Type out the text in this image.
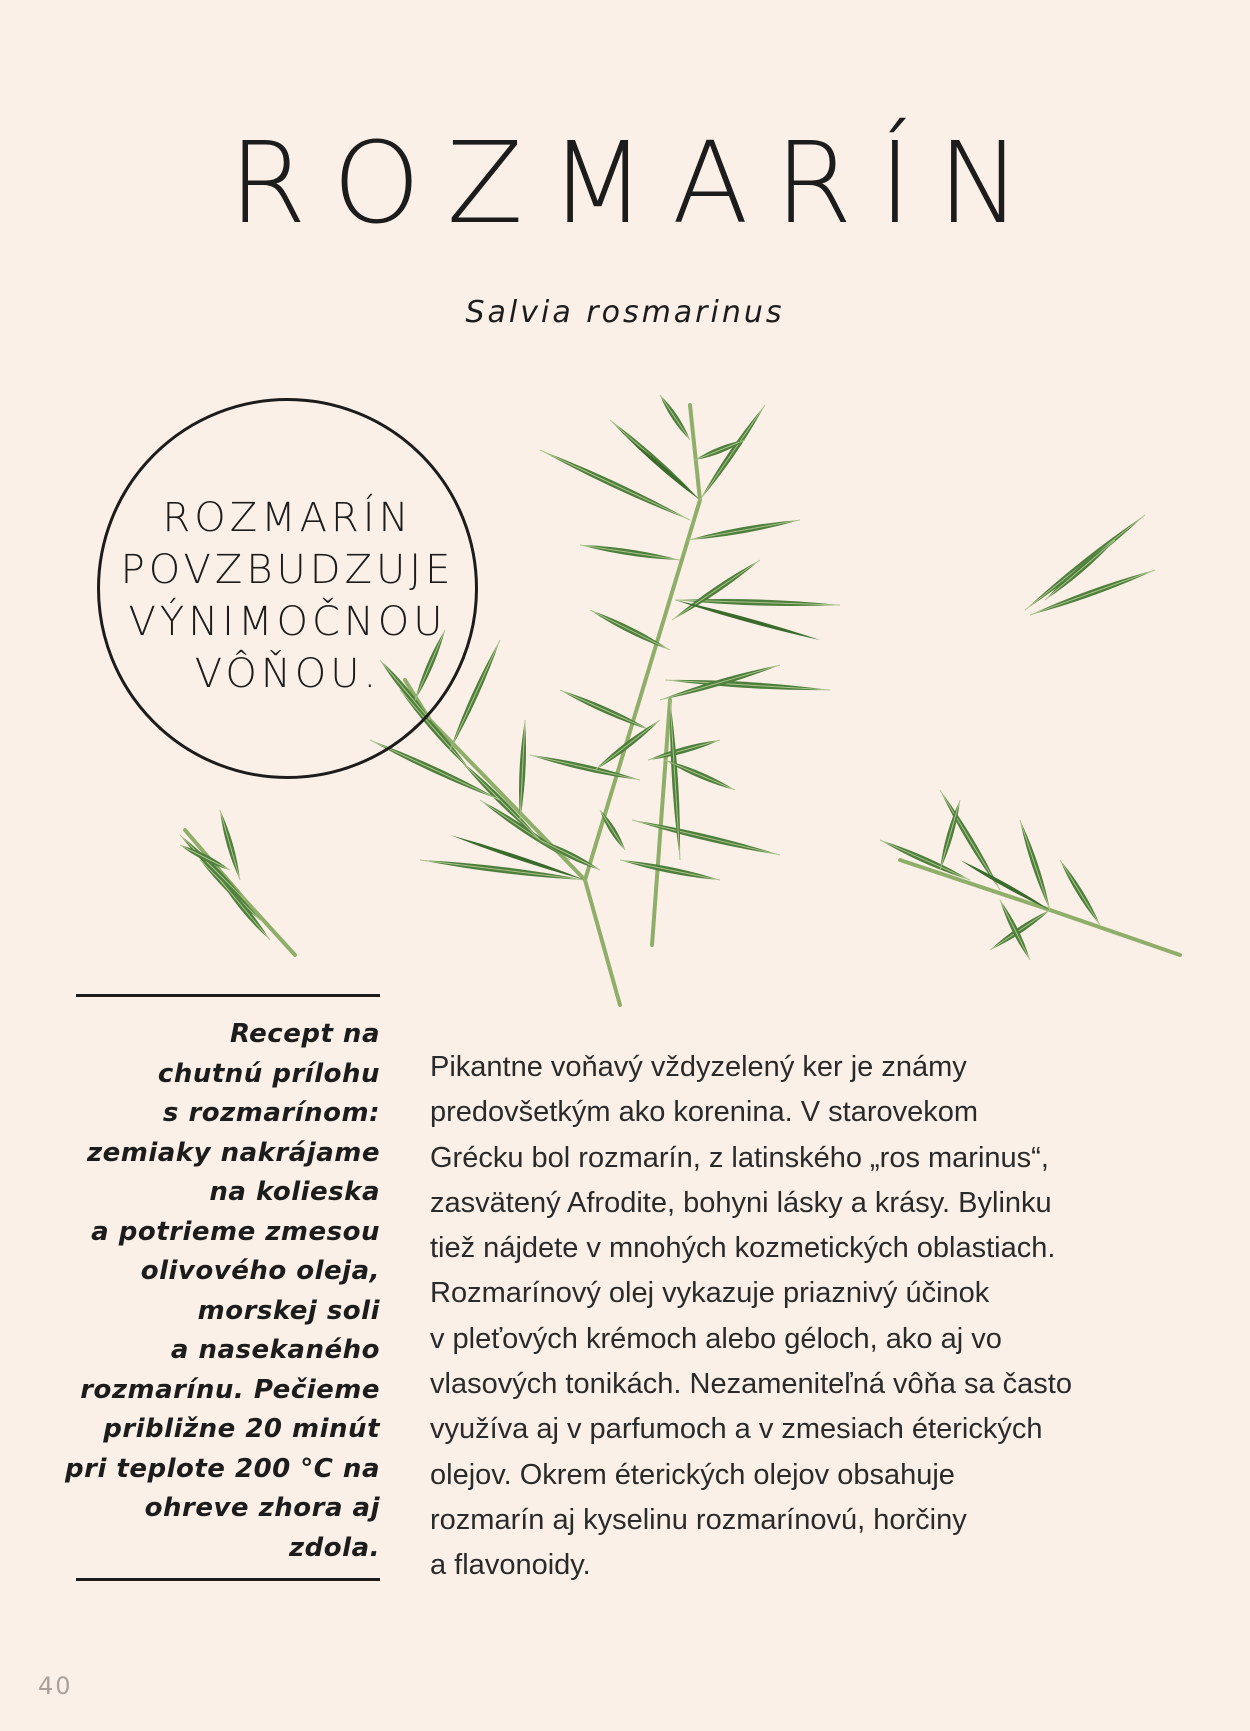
ROZMARÍN
Salvia rosmarinus
ROZMARÍN
POVZBUDZUJE
VÝNIMOČNOU
VÔŇOU.
Recept na
chutnú prílohu
s rozmarínom:
zemiaky nakrájame
na kolieska
a potrieme zmesou
olivového oleja,
morskej soli
a nasekaného
rozmarínu. Pečieme
približne 20 minút
pri teplote 200 °C na
ohreve zhora aj
zdola.
Pikantne voňavý vždyzelený ker je známy
predovšetkým ako korenina. V starovekom
Grécku bol rozmarín, z latinského „ros marinus“,
zasvätený Afrodite, bohyni lásky a krásy. Bylinku
tiež nájdete v mnohých kozmetických oblastiach.
Rozmarínový olej vykazuje priaznivý účinok
v pleťových krémoch alebo géloch, ako aj vo
vlasových tonikách. Nezameniteľná vôňa sa často
využíva aj v parfumoch a v zmesiach éterických
olejov. Okrem éterických olejov obsahuje
rozmarín aj kyselinu rozmarínovú, horčiny
a flavonoidy.
40
